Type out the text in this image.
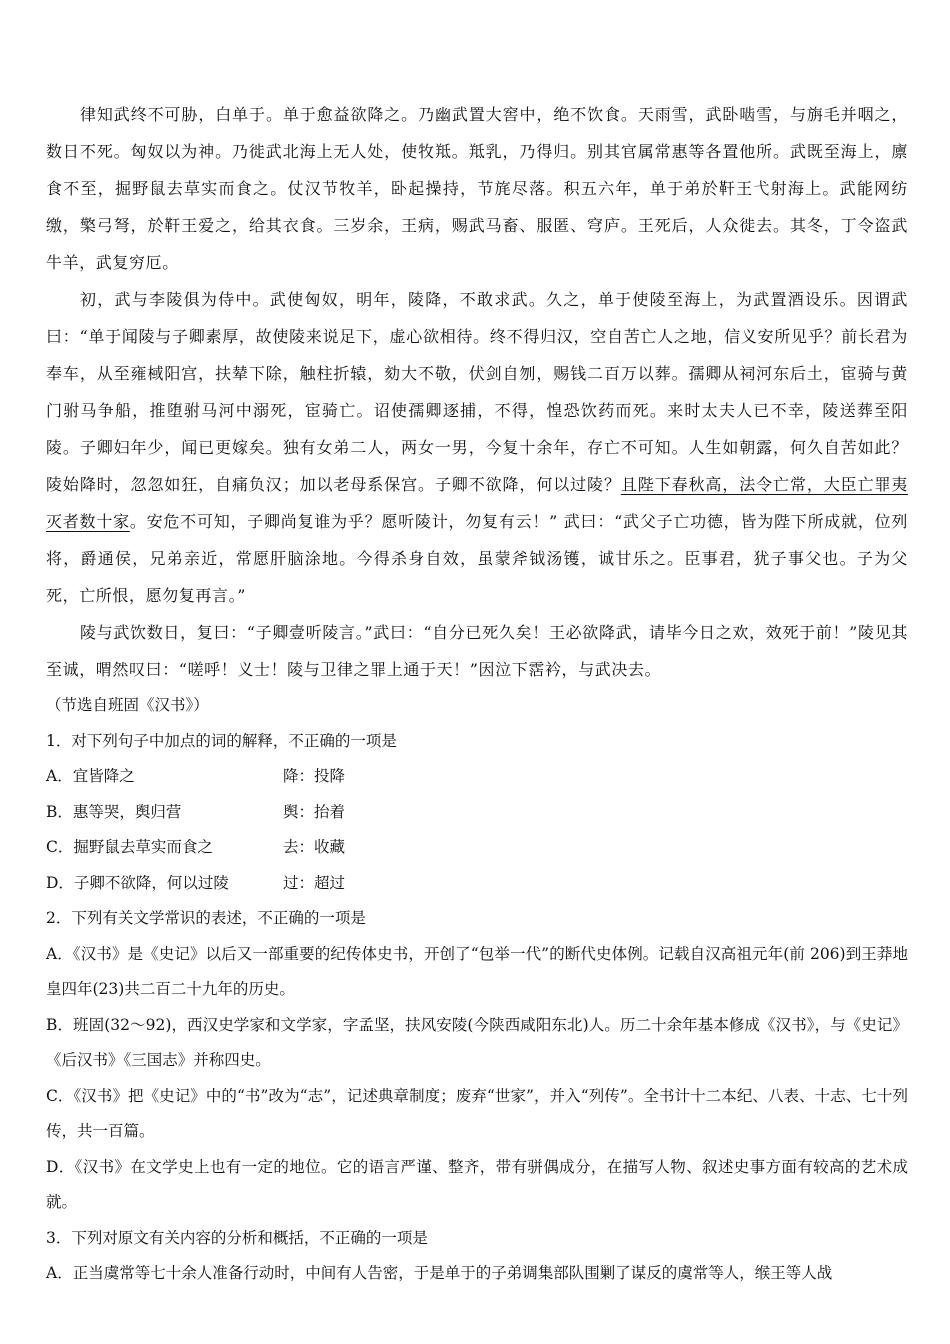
律知武终不可胁，白单于。单于愈益欲降之。乃幽武置大窖中，绝不饮食。天雨雪，武卧啮雪，与旃毛并咽之，数日不死。匈奴以为神。乃徙武北海上无人处，使牧羝。羝乳，乃得归。别其官属常惠等各置他所。武既至海上，廪食不至，掘野鼠去草实而食之。仗汉节牧羊，卧起操持，节旄尽落。积五六年，单于弟於靬王弋射海上。武能网纺缴，檠弓弩，於靬王爱之，给其衣食。三岁余，王病，赐武马畜、服匿、穹庐。王死后，人众徙去。其冬，丁令盗武牛羊，武复穷厄。

初，武与李陵俱为侍中。武使匈奴，明年，陵降，不敢求武。久之，单于使陵至海上，为武置酒设乐。因谓武曰：“单于闻陵与子卿素厚，故使陵来说足下，虚心欲相待。终不得归汉，空自苦亡人之地，信义安所见乎？前长君为奉车，从至雍棫阳宫，扶辇下除，触柱折辕，劾大不敬，伏剑自刎，赐钱二百万以葬。孺卿从祠河东后土，宦骑与黄门驸马争船，推堕驸马河中溺死，宦骑亡。诏使孺卿逐捕，不得，惶恐饮药而死。来时太夫人已不幸，陵送葬至阳陵。子卿妇年少，闻已更嫁矣。独有女弟二人，两女一男，今复十余年，存亡不可知。人生如朝露，何久自苦如此？陵始降时，忽忽如狂，自痛负汉；加以老母系保宫。子卿不欲降，何以过陵？且陛下春秋高，法令亡常，大臣亡罪夷灭者数十家。安危不可知，子卿尚复谁为乎？愿听陵计，勿复有云！” 武曰：“武父子亡功德，皆为陛下所成就，位列将，爵通侯，兄弟亲近，常愿肝脑涂地。今得杀身自效，虽蒙斧钺汤镬，诚甘乐之。臣事君，犹子事父也。子为父死，亡所恨，愿勿复再言。”

陵与武饮数日，复曰：“子卿壹听陵言。”武曰：“自分已死久矣！王必欲降武，请毕今日之欢，效死于前！”陵见其至诚，喟然叹曰：“嗟呼！义士！陵与卫律之罪上通于天！”因泣下霑衿，与武决去。

（节选自班固《汉书》）

1．对下列句子中加点的词的解释，不正确的一项是

A．宜皆降之	降：投降
B．惠等哭，舆归营	舆：抬着
C．掘野鼠去草实而食之	去：收藏
D．子卿不欲降，何以过陵	过：超过

2．下列有关文学常识的表述，不正确的一项是

A．《汉书》是《史记》以后又一部重要的纪传体史书，开创了“包举一代”的断代史体例。记载自汉高祖元年(前 206)到王莽地皇四年(23)共二百二十九年的历史。

B．班固(32～92)，西汉史学家和文学家，字孟坚，扶风安陵(今陕西咸阳东北)人。历二十余年基本修成《汉书》，与《史记》《后汉书》《三国志》并称四史。

C．《汉书》把《史记》中的“书”改为“志”，记述典章制度；废弃“世家”，并入“列传”。全书计十二本纪、八表、十志、七十列传，共一百篇。

D．《汉书》在文学史上也有一定的地位。它的语言严谨、整齐，带有骈偶成分，在描写人物、叙述史事方面有较高的艺术成就。

3．下列对原文有关内容的分析和概括，不正确的一项是

A．正当虞常等七十余人准备行动时，中间有人告密，于是单于的子弟调集部队围剿了谋反的虞常等人，缑王等人战
